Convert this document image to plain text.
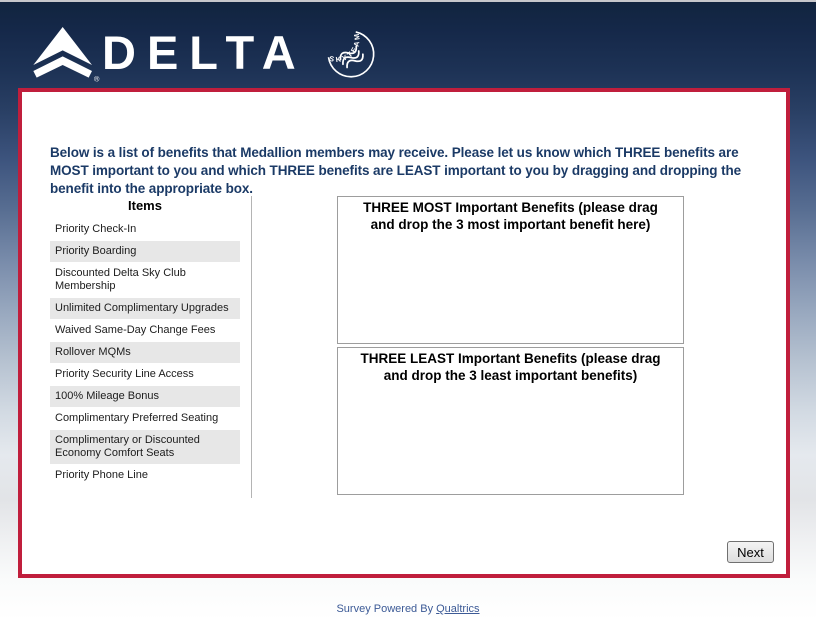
®
DELTA	SKYTEAM
Below is a list of benefits that Medallion members may receive. Please let us know which THREE benefits are MOST important to you and which THREE benefits are LEAST important to you by dragging and dropping the benefit into the appropriate box.
Items
Priority Check-In
Priority Boarding
Discounted Delta Sky Club Membership
Unlimited Complimentary Upgrades
Waived Same-Day Change Fees
Rollover MQMs
Priority Security Line Access
100% Mileage Bonus
Complimentary Preferred Seating
Complimentary or Discounted Economy Comfort Seats
Priority Phone Line
THREE MOST Important Benefits (please drag and drop the 3 most important benefit here)
THREE LEAST Important Benefits (please drag and drop the 3 least important benefits)
Next
Survey Powered By Qualtrics
